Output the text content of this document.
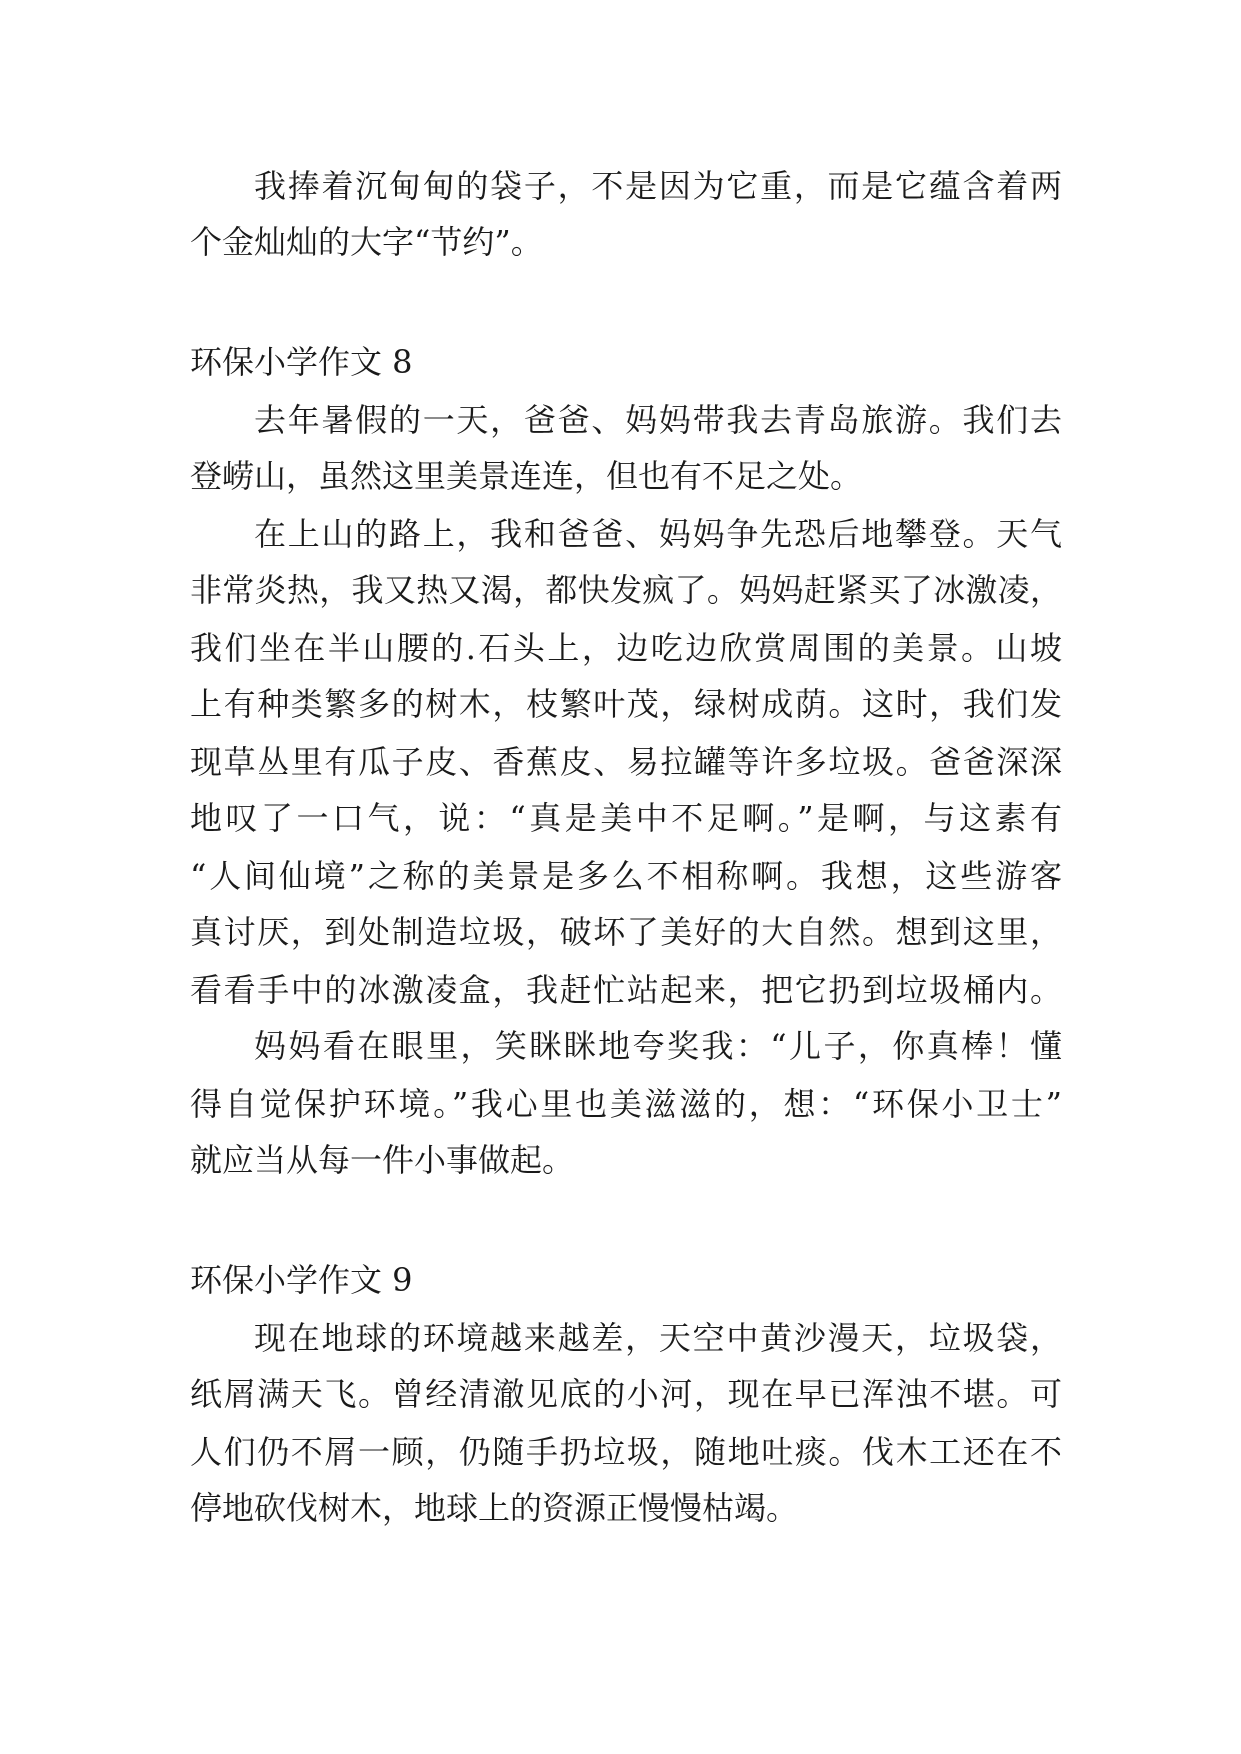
我捧着沉甸甸的袋子，不是因为它重，而是它蕴含着两
个金灿灿的大字“节约”。
环保小学作文 8
去年暑假的一天，爸爸、妈妈带我去青岛旅游。我们去
登崂山，虽然这里美景连连，但也有不足之处。
在上山的路上，我和爸爸、妈妈争先恐后地攀登。天气
非常炎热，我又热又渴，都快发疯了。妈妈赶紧买了冰激凌，
我们坐在半山腰的.石头上，边吃边欣赏周围的美景。山坡
上有种类繁多的树木，枝繁叶茂，绿树成荫。这时，我们发
现草丛里有瓜子皮、香蕉皮、易拉罐等许多垃圾。爸爸深深
地叹了一口气，说：“真是美中不足啊。”是啊，与这素有
“人间仙境”之称的美景是多么不相称啊。我想，这些游客
真讨厌，到处制造垃圾，破坏了美好的大自然。想到这里，
看看手中的冰激凌盒，我赶忙站起来，把它扔到垃圾桶内。
妈妈看在眼里，笑眯眯地夸奖我：“儿子，你真棒！懂
得自觉保护环境。”我心里也美滋滋的，想：“环保小卫士”
就应当从每一件小事做起。
环保小学作文 9
现在地球的环境越来越差，天空中黄沙漫天，垃圾袋，
纸屑满天飞。曾经清澈见底的小河，现在早已浑浊不堪。可
人们仍不屑一顾，仍随手扔垃圾，随地吐痰。伐木工还在不
停地砍伐树木，地球上的资源正慢慢枯竭。
